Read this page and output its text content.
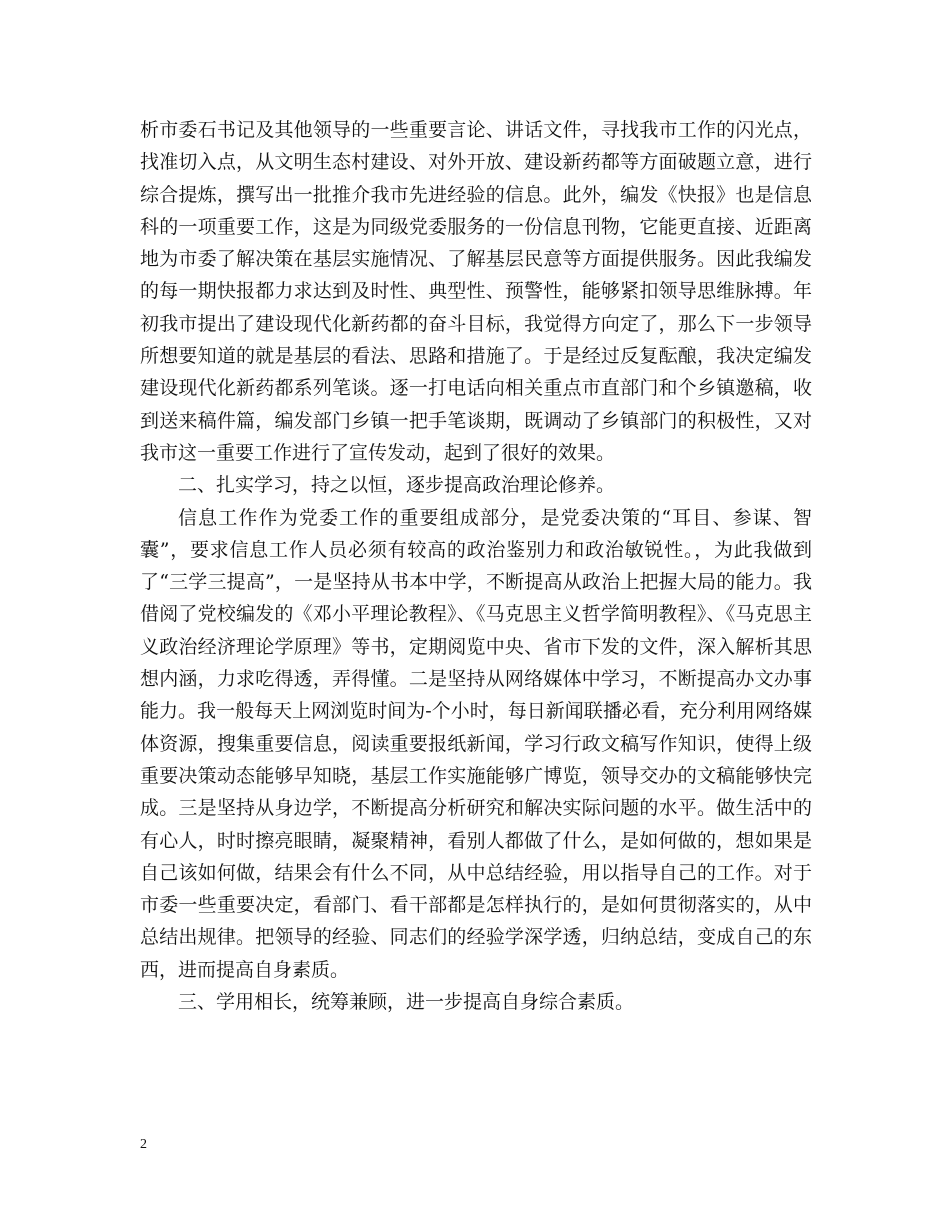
析市委石书记及其他领导的一些重要言论、讲话文件，寻找我市工作的闪光点，找准切入点，从文明生态村建设、对外开放、建设新药都等方面破题立意，进行综合提炼，撰写出一批推介我市先进经验的信息。此外，编发《快报》也是信息科的一项重要工作，这是为同级党委服务的一份信息刊物，它能更直接、近距离地为市委了解决策在基层实施情况、了解基层民意等方面提供服务。因此我编发的每一期快报都力求达到及时性、典型性、预警性，能够紧扣领导思维脉搏。年初我市提出了建设现代化新药都的奋斗目标，我觉得方向定了，那么下一步领导所想要知道的就是基层的看法、思路和措施了。于是经过反复酝酿，我决定编发建设现代化新药都系列笔谈。逐一打电话向相关重点市直部门和个乡镇邀稿，收到送来稿件篇，编发部门乡镇一把手笔谈期，既调动了乡镇部门的积极性，又对我市这一重要工作进行了宣传发动，起到了很好的效果。

二、扎实学习，持之以恒，逐步提高政治理论修养。

信息工作作为党委工作的重要组成部分，是党委决策的“耳目、参谋、智囊”，要求信息工作人员必须有较高的政治鉴别力和政治敏锐性。，为此我做到了“三学三提高”，一是坚持从书本中学，不断提高从政治上把握大局的能力。我借阅了党校编发的《邓小平理论教程》、《马克思主义哲学简明教程》、《马克思主义政治经济理论学原理》等书，定期阅览中央、省市下发的文件，深入解析其思想内涵，力求吃得透，弄得懂。二是坚持从网络媒体中学习，不断提高办文办事能力。我一般每天上网浏览时间为-个小时，每日新闻联播必看，充分利用网络媒体资源，搜集重要信息，阅读重要报纸新闻，学习行政文稿写作知识，使得上级重要决策动态能够早知晓，基层工作实施能够广博览，领导交办的文稿能够快完成。三是坚持从身边学，不断提高分析研究和解决实际问题的水平。做生活中的有心人，时时擦亮眼睛，凝聚精神，看别人都做了什么，是如何做的，想如果是自己该如何做，结果会有什么不同，从中总结经验，用以指导自己的工作。对于市委一些重要决定，看部门、看干部都是怎样执行的，是如何贯彻落实的，从中总结出规律。把领导的经验、同志们的经验学深学透，归纳总结，变成自己的东西，进而提高自身素质。

三、学用相长，统筹兼顾，进一步提高自身综合素质。

2
